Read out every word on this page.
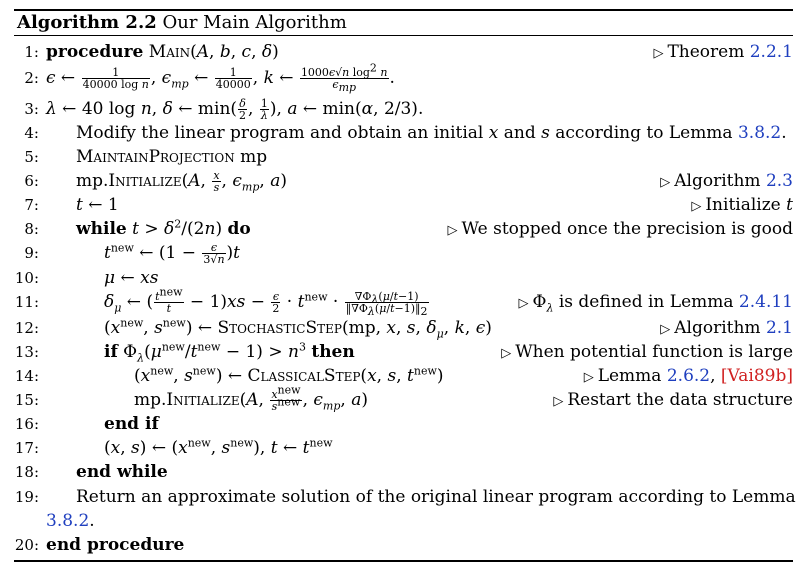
Algorithm 2.2 Our Main Algorithm
1: procedure Main(A, b, c, δ)	▷ Theorem 2.2.1
2: ϵ ← $\frac{1}{\text{40000 log n}}$ , $\epsilon_{mp}$ ← $\frac{1}{40000}$ , k ← $\frac{1000\epsilon√n \log^2 n}{\epsilon_{mp}}$ .
3: λ ← 40 log n, δ ← $\min( \frac{\delta}{2}$ , $\frac{1}{\lambda}$ ), a ← min(α, 2/3).
4: Modify the linear program and obtain an initial x and s according to Lemma 3.8.2.
5: MaintainProjection mp
6: mp.Initialize(A, $\frac{x}{s}$ , $\epsilon_{mp}$, a)	▷ Algorithm 2.3
7: t ← 1	▷ Initialize t
8: while $t > \delta^2/(2n)$ do	▷ We stopped once the precision is good
9:	$t^{new}$ ← $(1 - \frac{\epsilon}{3√n} )t$
10:	μ ← xs
11:	$\delta_\mu$ ← ( $\frac{t^{new}}{t} - 1)xs - \frac{\epsilon}{2} \cdot t^{new} \cdot \frac{\nabla\Phi_\lambda(\mu/t-1)}{‖\nabla\Phi_\lambda(\mu/t-1)‖_2}$	▷ $\Phi_\lambda$ is defined in Lemma 2.4.11
12:	($x^{new}$, $s^{new}$) ← StochasticStep(mp, x, s, $\delta_\mu$, k, ϵ)	▷ Algorithm 2.1
13:	if $\Phi_\lambda(\mu^{new}/t^{new} - 1) > n^3$ then	▷ When potential function is large
14:	($x^{new}$, $s^{new}$) ← ClassicalStep(x, s, $t^{new}$)	▷ Lemma 2.6.2, [Vai89b]
15:	mp.Initialize(A, $\frac{x^{new}}{s^{new}}$ , $\epsilon_{mp}$, a)	▷ Restart the data structure
16:	end if
17:	(x, s) ← ($x^{new}$, $s^{new}$), t ← $t^{new}$
18: end while
19: Return an approximate solution of the original linear program according to Lemma
3.8.2.
20: end procedure
